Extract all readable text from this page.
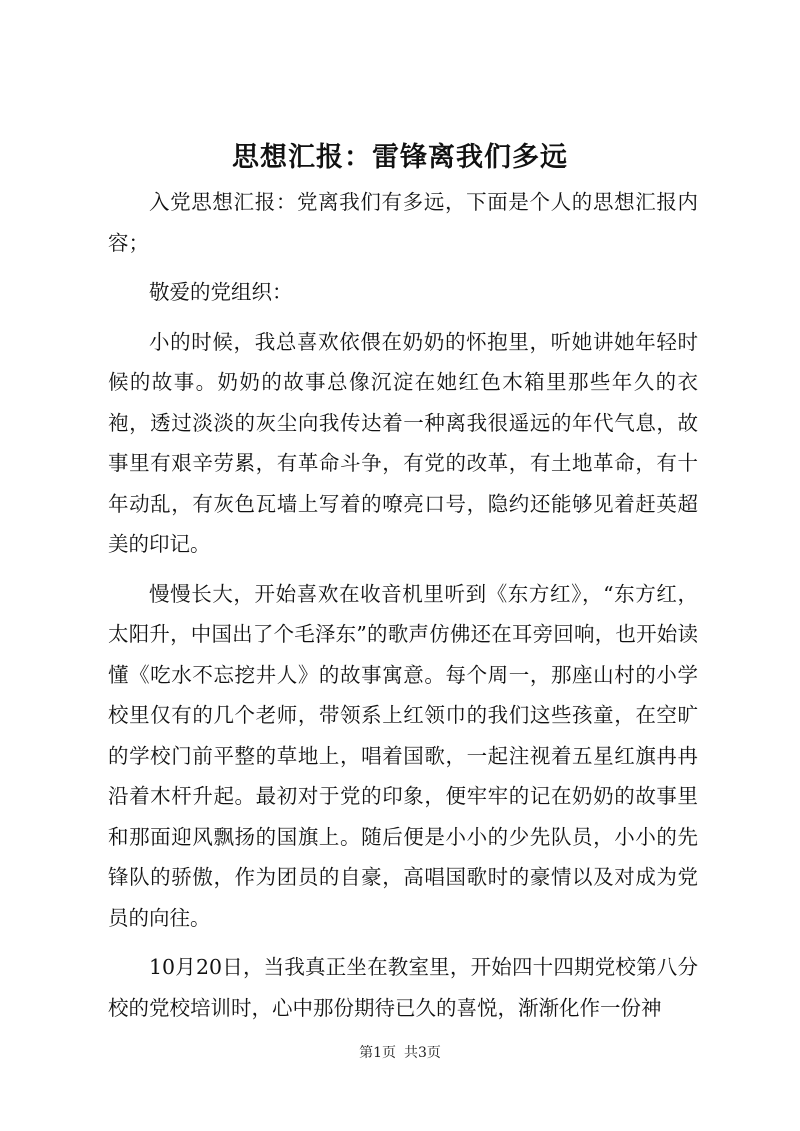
思想汇报：雷锋离我们多远

入党思想汇报：党离我们有多远，下面是个人的思想汇报内容；

敬爱的党组织：

小的时候，我总喜欢依偎在奶奶的怀抱里，听她讲她年轻时候的故事。奶奶的故事总像沉淀在她红色木箱里那些年久的衣袍，透过淡淡的灰尘向我传达着一种离我很遥远的年代气息，故事里有艰辛劳累，有革命斗争，有党的改革，有土地革命，有十年动乱，有灰色瓦墙上写着的嘹亮口号，隐约还能够见着赶英超美的印记。

慢慢长大，开始喜欢在收音机里听到《东方红》，“东方红，太阳升，中国出了个毛泽东”的歌声仿佛还在耳旁回响，也开始读懂《吃水不忘挖井人》的故事寓意。每个周一，那座山村的小学校里仅有的几个老师，带领系上红领巾的我们这些孩童，在空旷的学校门前平整的草地上，唱着国歌，一起注视着五星红旗冉冉沿着木杆升起。最初对于党的印象，便牢牢的记在奶奶的故事里和那面迎风飘扬的国旗上。随后便是小小的少先队员，小小的先锋队的骄傲，作为团员的自豪，高唱国歌时的豪情以及对成为党员的向往。

10月20日，当我真正坐在教室里，开始四十四期党校第八分校的党校培训时，心中那份期待已久的喜悦，渐渐化作一份神

第1页 共3页
